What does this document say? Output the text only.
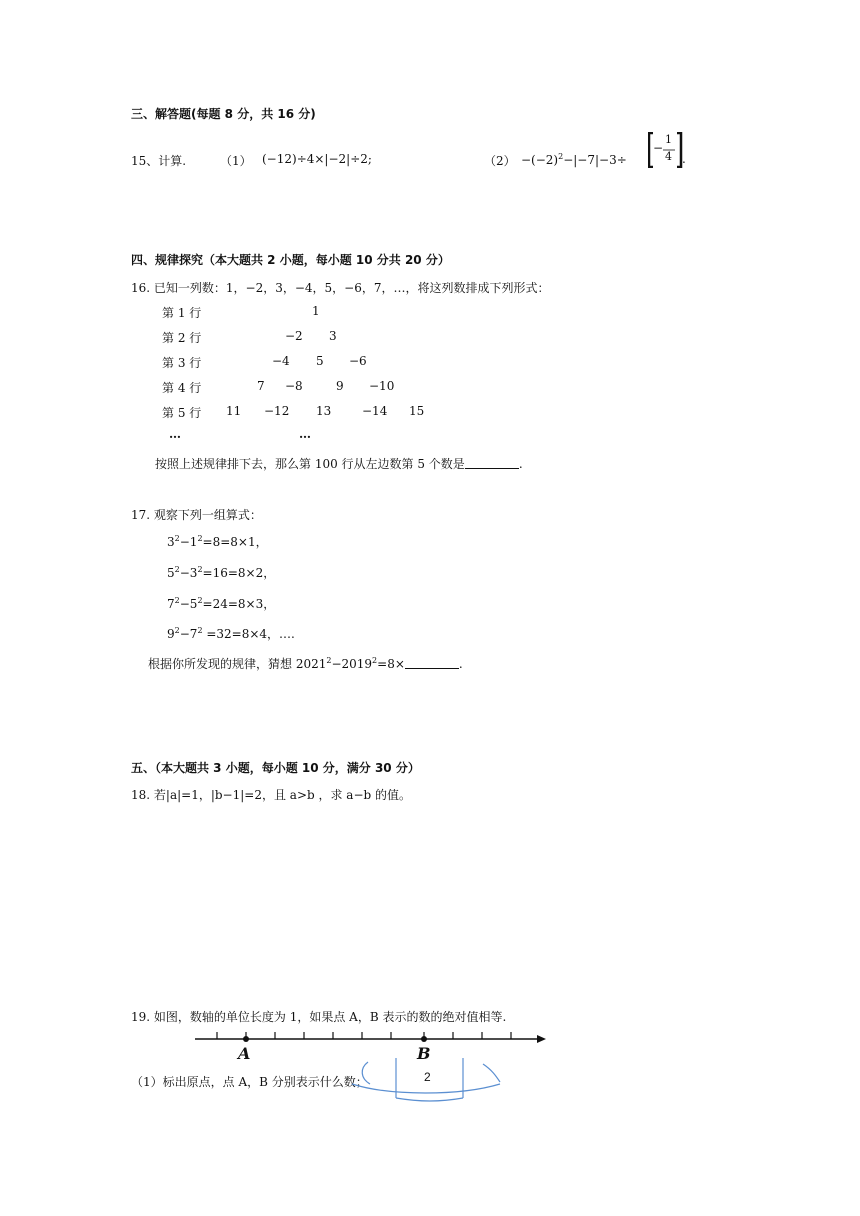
三、解答题(每题 8 分，共 16 分)
15、计算.	（1） (−12)÷4×|−2|÷2;	$(2) -(-2)^2-|-7|-3\div$
−
1
4 .
四、规律探究（本大题共 2 小题，每小题 10 分共 20 分）
16. 已知一列数：1，−2，3，−4，5，−6，7，…，将这列数排成下列形式：
第 1 行	1
第 2 行	−2 3
第 3 行	−4 5 −6
第 4 行	7 −8	9 −10
第 5 行 11 −12 13	−14 15
…	…
按照上述规律排下去，那么第 100 行从左边数第 5 个数是	.
17. 观察下列一组算式：
$3^2-1^2=8=8\times 1$，
$5^2-3^2=16=8\times 2$，
$7^2-5^2=24=8\times 3$，
$9^2-7^2 =32=8\times 4$，….
根据你所发现的规律，猜想 $2021^2-2019^2=8\times$	.
五、（本大题共 3 小题，每小题 10 分，满分 30 分）
18. 若|a|=1，|b−1|=2，且 a>b ，求 a−b 的值。
19. 如图，数轴的单位长度为 1，如果点 A，B 表示的数的绝对值相等.
A	B
（1）标出原点，点 A，B 分别表示什么数；	2
